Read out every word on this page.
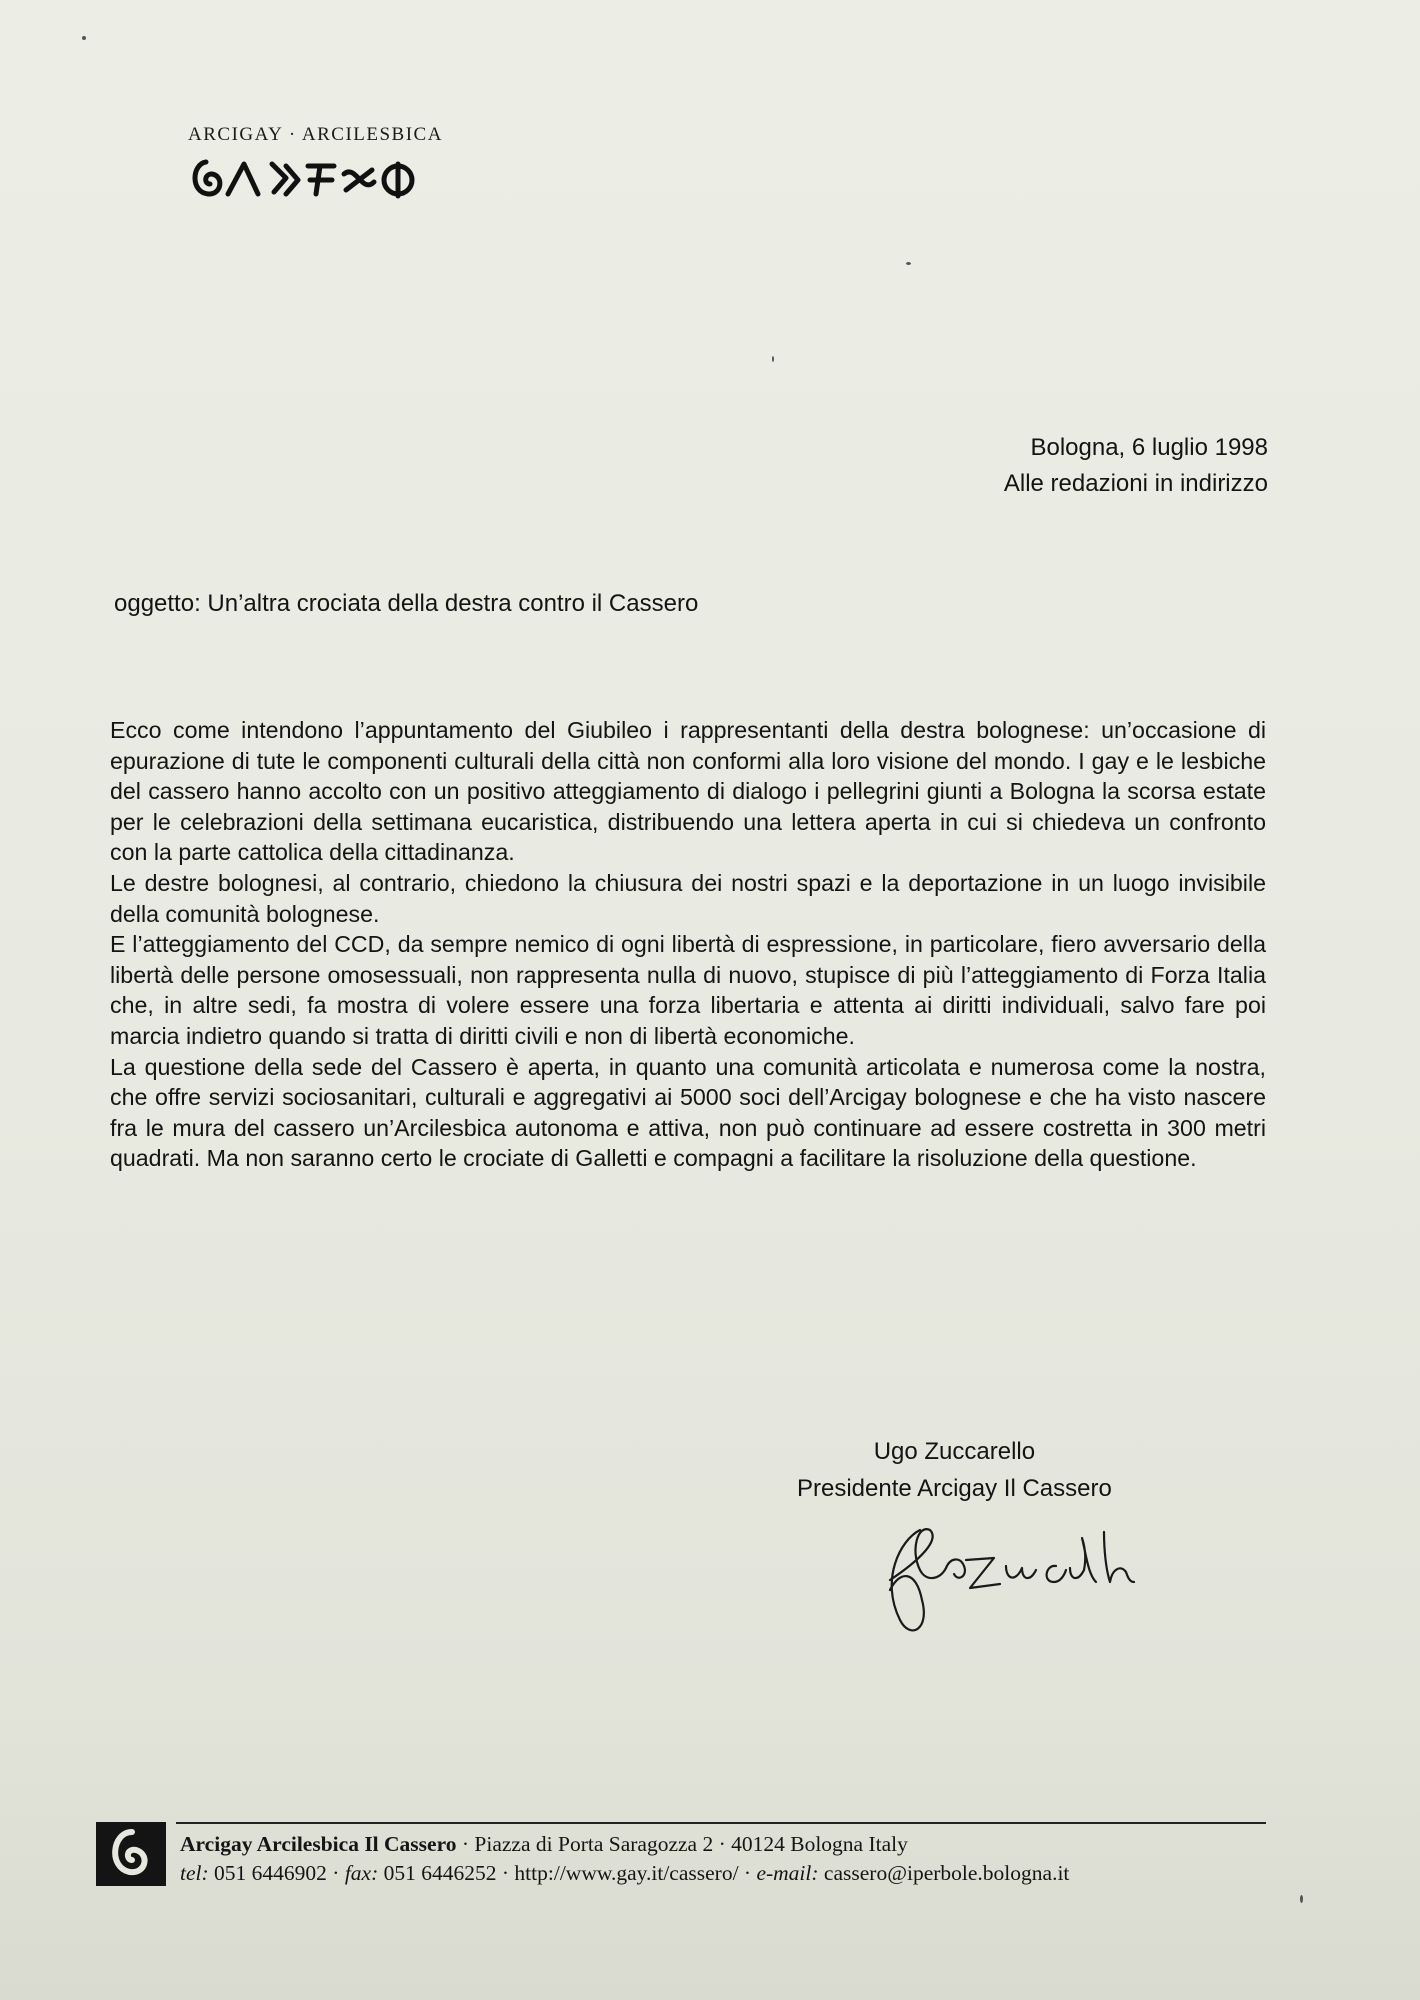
ARCIGAY · ARCILESBICA
Bologna, 6 luglio 1998
Alle redazioni in indirizzo
oggetto: Un’altra crociata della destra contro il Cassero

Ecco come intendono l’appuntamento del Giubileo i rappresentanti della destra bolognese: un’occasione di epurazione di tute le componenti culturali della città non conformi alla loro visione del mondo. I gay e le lesbiche del cassero hanno accolto con un positivo atteggiamento di dialogo i pellegrini giunti a Bologna la scorsa estate per le celebrazioni della settimana eucaristica, distribuendo una lettera aperta in cui si chiedeva un confronto con la parte cattolica della cittadinanza.

Le destre bolognesi, al contrario, chiedono la chiusura dei nostri spazi e la deportazione in un luogo invisibile della comunità bolognese.

E l’atteggiamento del CCD, da sempre nemico di ogni libertà di espressione, in particolare, fiero avversario della libertà delle persone omosessuali, non rappresenta nulla di nuovo, stupisce di più l’atteggiamento di Forza Italia che, in altre sedi, fa mostra di volere essere una forza libertaria e attenta ai diritti individuali, salvo fare poi marcia indietro quando si tratta di diritti civili e non di libertà economiche.

La questione della sede del Cassero è aperta, in quanto una comunità articolata e numerosa come la nostra, che offre servizi sociosanitari, culturali e aggregativi ai 5000 soci dell’Arcigay bolognese e che ha visto nascere fra le mura del cassero un’Arcilesbica autonoma e attiva, non può continuare ad essere costretta in 300 metri quadrati. Ma non saranno certo le crociate di Galletti e compagni a facilitare la risoluzione della questione.

Ugo Zuccarello
Presidente Arcigay Il Cassero
Arcigay Arcilesbica Il Cassero · Piazza di Porta Saragozza 2 · 40124 Bologna Italy
tel: 051 6446902 · fax: 051 6446252 · http://www.gay.it/cassero/ · e-mail: cassero@iperbole.bologna.it
